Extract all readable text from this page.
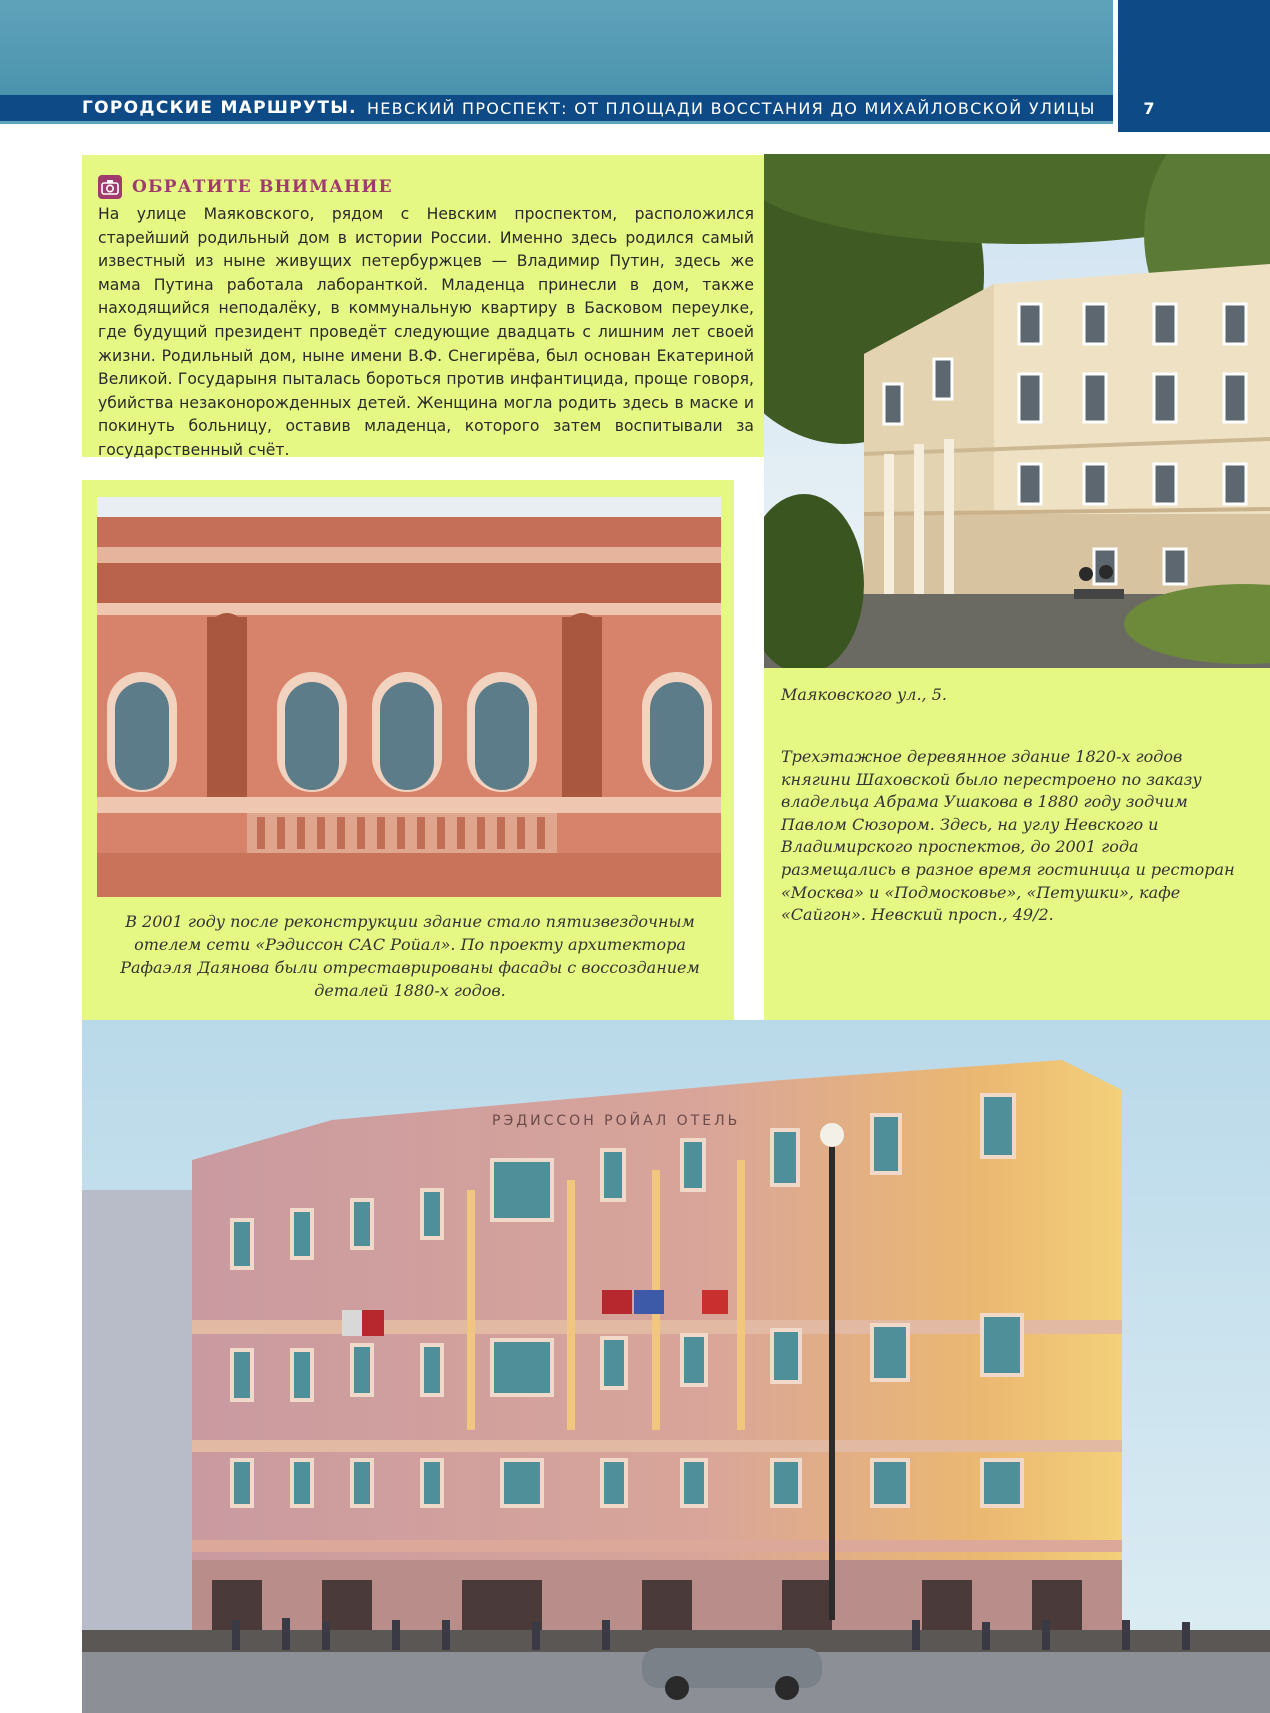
ГОРОДСКИЕ МАРШРУТЫ. НЕВСКИЙ ПРОСПЕКТ: ОТ ПЛОЩАДИ ВОССТАНИЯ ДО МИХАЙЛОВСКОЙ УЛИЦЫ	7
ОБРАТИТЕ ВНИМАНИЕ

На улице Маяковского, рядом с Невским проспектом, расположился старейший родильный дом в истории России. Именно здесь родился самый известный из ныне живущих петербуржцев — Владимир Путин, здесь же мама Путина работала лаборанткой. Младенца принесли в дом, также находящийся неподалёку, в коммунальную квартиру в Басковом переулке, где будущий президент проведёт следующие двадцать с лишним лет своей жизни. Родильный дом, ныне имени В.Ф. Снегирёва, был основан Екатериной Великой. Государыня пыталась бороться против инфантицида, проще говоря, убийства незаконорожденных детей. Женщина могла родить здесь в маске и покинуть больницу, оставив младенца, которого затем воспитывали за государственный счёт.

Маяковского ул., 5.
Трехэтажное деревянное здание 1820-х годов княгини Шаховской было перестроено по заказу владельца Абрама Ушакова в 1880 году зодчим Павлом Сюзором. Здесь, на углу Невского и Владимирского проспектов, до 2001 года размещались в разное время гостиница и ресторан «Москва» и «Подмосковье», «Петушки», кафе «Сайгон». Невский просп., 49/2.
В 2001 году после реконструкции здание стало пятизвездочным отелем сети «Рэдиссон САС Ройал». По проекту архитектора Рафаэля Даянова были отреставрированы фасады с воссозданием деталей 1880-х годов.
РЭДИССОН РОЙАЛ ОТЕЛЬ
